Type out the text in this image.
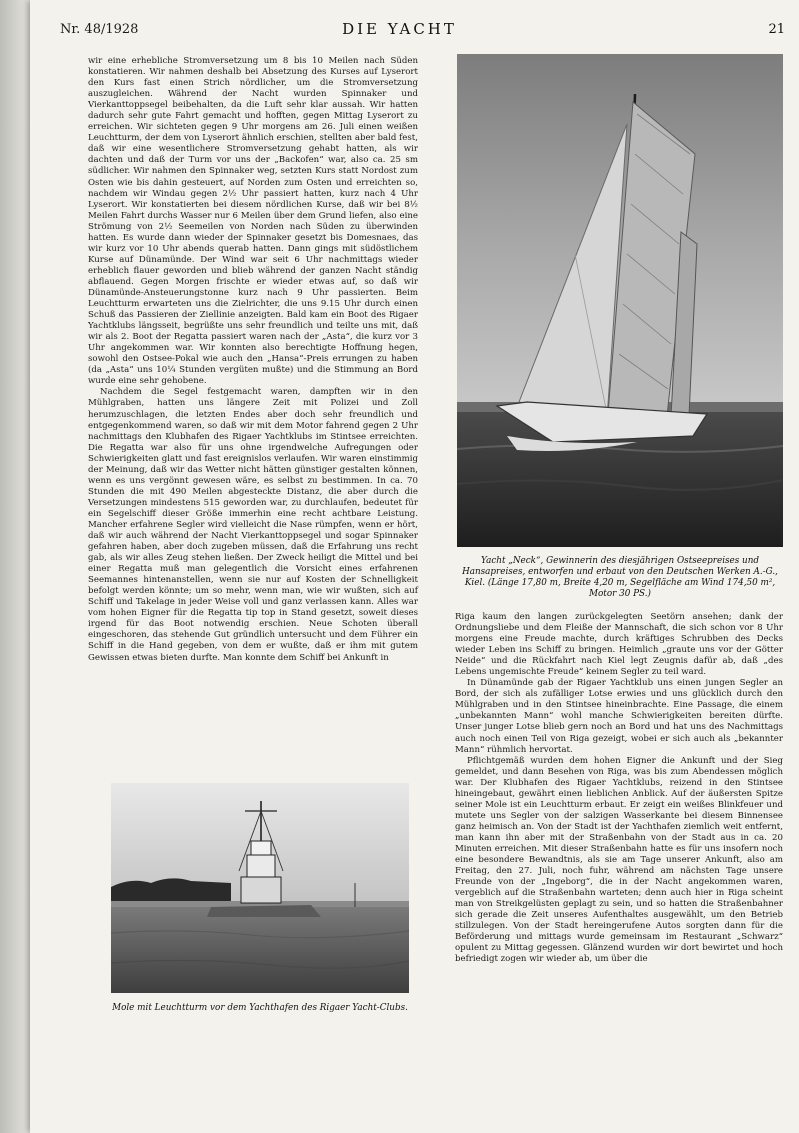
Nr. 48/1928	DIE YACHT	21

wir eine erhebliche Stromversetzung um 8 bis 10 Meilen nach Süden konstatieren. Wir nahmen deshalb bei Absetzung des Kurses auf Lyserort den Kurs fast einen Strich nördlicher, um die Stromversetzung auszugleichen. Während der Nacht wurden Spinnaker und Vierkanttoppsegel beibehalten, da die Luft sehr klar aussah. Wir hatten dadurch sehr gute Fahrt gemacht und hofften, gegen Mittag Lyserort zu erreichen. Wir sichteten gegen 9 Uhr morgens am 26. Juli einen weißen Leuchtturm, der dem von Lyserort ähnlich erschien, stellten aber bald fest, daß wir eine wesentlichere Stromversetzung gehabt hatten, als wir dachten und daß der Turm vor uns der „Backofen“ war, also ca. 25 sm südlicher. Wir nahmen den Spinnaker weg, setzten Kurs statt Nordost zum Osten wie bis dahin gesteuert, auf Norden zum Osten und erreichten so, nachdem wir Windau gegen 2½ Uhr passiert hatten, kurz nach 4 Uhr Lyserort. Wir konstatierten bei diesem nördlichen Kurse, daß wir bei 8½ Meilen Fahrt durchs Wasser nur 6 Meilen über dem Grund liefen, also eine Strömung von 2½ Seemeilen von Norden nach Süden zu überwinden hatten. Es wurde dann wieder der Spinnaker gesetzt bis Domesnaes, das wir kurz vor 10 Uhr abends querab hatten. Dann gings mit südöstlichem Kurse auf Dünamünde. Der Wind war seit 6 Uhr nachmittags wieder erheblich flauer geworden und blieb während der ganzen Nacht ständig abflauend. Gegen Morgen frischte er wieder etwas auf, so daß wir Dünamünde-Ansteuerungstonne kurz nach 9 Uhr passierten. Beim Leuchtturm erwarteten uns die Zielrichter, die uns 9.15 Uhr durch einen Schuß das Passieren der Ziellinie anzeigten. Bald kam ein Boot des Rigaer Yachtklubs längsseit, begrüßte uns sehr freundlich und teilte uns mit, daß wir als 2. Boot der Regatta passiert waren nach der „Asta“, die kurz vor 3 Uhr angekommen war. Wir konnten also berechtigte Hoffnung hegen, sowohl den Ostsee-Pokal wie auch den „Hansa“-Preis errungen zu haben (da „Asta“ uns 10¼ Stunden vergüten mußte) und die Stimmung an Bord wurde eine sehr gehobene.

Nachdem die Segel festgemacht waren, dampften wir in den Mühlgraben, hatten uns längere Zeit mit Polizei und Zoll herumzuschlagen, die letzten Endes aber doch sehr freundlich und entgegenkommend waren, so daß wir mit dem Motor fahrend gegen 2 Uhr nachmittags den Klubhafen des Rigaer Yachtklubs im Stintsee erreichten. Die Regatta war also für uns ohne irgendwelche Aufregungen oder Schwierigkeiten glatt und fast ereignislos verlaufen. Wir waren einstimmig der Meinung, daß wir das Wetter nicht hätten günstiger gestalten können, wenn es uns vergönnt gewesen wäre, es selbst zu bestimmen. In ca. 70 Stunden die mit 490 Meilen abgesteckte Distanz, die aber durch die Versetzungen mindestens 515 geworden war, zu durchlaufen, bedeutet für ein Segelschiff dieser Größe immerhin eine recht achtbare Leistung. Mancher erfahrene Segler wird vielleicht die Nase rümpfen, wenn er hört, daß wir auch während der Nacht Vierkanttoppsegel und sogar Spinnaker gefahren haben, aber doch zugeben müssen, daß die Erfahrung uns recht gab, als wir alles Zeug stehen ließen. Der Zweck heiligt die Mittel und bei einer Regatta muß man gelegentlich die Vorsicht eines erfahrenen Seemannes hintenanstellen, wenn sie nur auf Kosten der Schnelligkeit befolgt werden könnte; um so mehr, wenn man, wie wir wußten, sich auf Schiff und Takelage in jeder Weise voll und ganz verlassen kann. Alles war vom hohen Eigner für die Regatta tip top in Stand gesetzt, soweit dieses irgend für das Boot notwendig erschien. Neue Schoten überall eingeschoren, das stehende Gut gründlich untersucht und dem Führer ein Schiff in die Hand gegeben, von dem er wußte, daß er ihm mit gutem Gewissen etwas bieten durfte. Man konnte dem Schiff bei Ankunft in

Yacht „Neck“, Gewinnerin des diesjährigen Ostseepreises und Hansapreises, entworfen und erbaut von den Deutschen Werken A.-G., Kiel. (Länge 17,80 m, Breite 4,20 m, Segelfläche am Wind 174,50 m², Motor 30 PS.)

Riga kaum den langen zurückgelegten Seetörn ansehen; dank der Ordnungsliebe und dem Fleiße der Mannschaft, die sich schon vor 8 Uhr morgens eine Freude machte, durch kräftiges Schrubben des Decks wieder Leben ins Schiff zu bringen. Heimlich „graute uns vor der Götter Neide“ und die Rückfahrt nach Kiel legt Zeugnis dafür ab, daß „des Lebens ungemischte Freude“ keinem Segler zu teil ward.

In Dünamünde gab der Rigaer Yachtklub uns einen jungen Segler an Bord, der sich als zufälliger Lotse erwies und uns glücklich durch den Mühlgraben und in den Stintsee hineinbrachte. Eine Passage, die einem „unbekannten Mann“ wohl manche Schwierigkeiten bereiten dürfte. Unser junger Lotse blieb gern noch an Bord und hat uns des Nachmittags auch noch einen Teil von Riga gezeigt, wobei er sich auch als „bekannter Mann“ rühmlich hervortat.

Pflichtgemäß wurden dem hohen Eigner die Ankunft und der Sieg gemeldet, und dann Besehen von Riga, was bis zum Abendessen möglich war. Der Klubhafen des Rigaer Yachtklubs, reizend in den Stintsee hineingebaut, gewährt einen lieblichen Anblick. Auf der äußersten Spitze seiner Mole ist ein Leuchtturm erbaut. Er zeigt ein weißes Blinkfeuer und mutete uns Segler von der salzigen Wasserkante bei diesem Binnensee ganz heimisch an. Von der Stadt ist der Yachthafen ziemlich weit entfernt, man kann ihn aber mit der Straßenbahn von der Stadt aus in ca. 20 Minuten erreichen. Mit dieser Straßenbahn hatte es für uns insofern noch eine besondere Bewandtnis, als sie am Tage unserer Ankunft, also am Freitag, den 27. Juli, noch fuhr, während am nächsten Tage unsere Freunde von der „Ingeborg“, die in der Nacht angekommen waren, vergeblich auf die Straßenbahn warteten; denn auch hier in Riga scheint man von Streikgelüsten geplagt zu sein, und so hatten die Straßenbahner sich gerade die Zeit unseres Aufenthaltes ausgewählt, um den Betrieb stillzulegen. Von der Stadt hereingerufene Autos sorgten dann für die Beförderung und mittags wurde gemeinsam im Restaurant „Schwarz“ opulent zu Mittag gegessen. Glänzend wurden wir dort bewirtet und hoch befriedigt zogen wir wieder ab, um über die

Mole mit Leuchtturm vor dem Yachthafen des Rigaer Yacht-Clubs.
